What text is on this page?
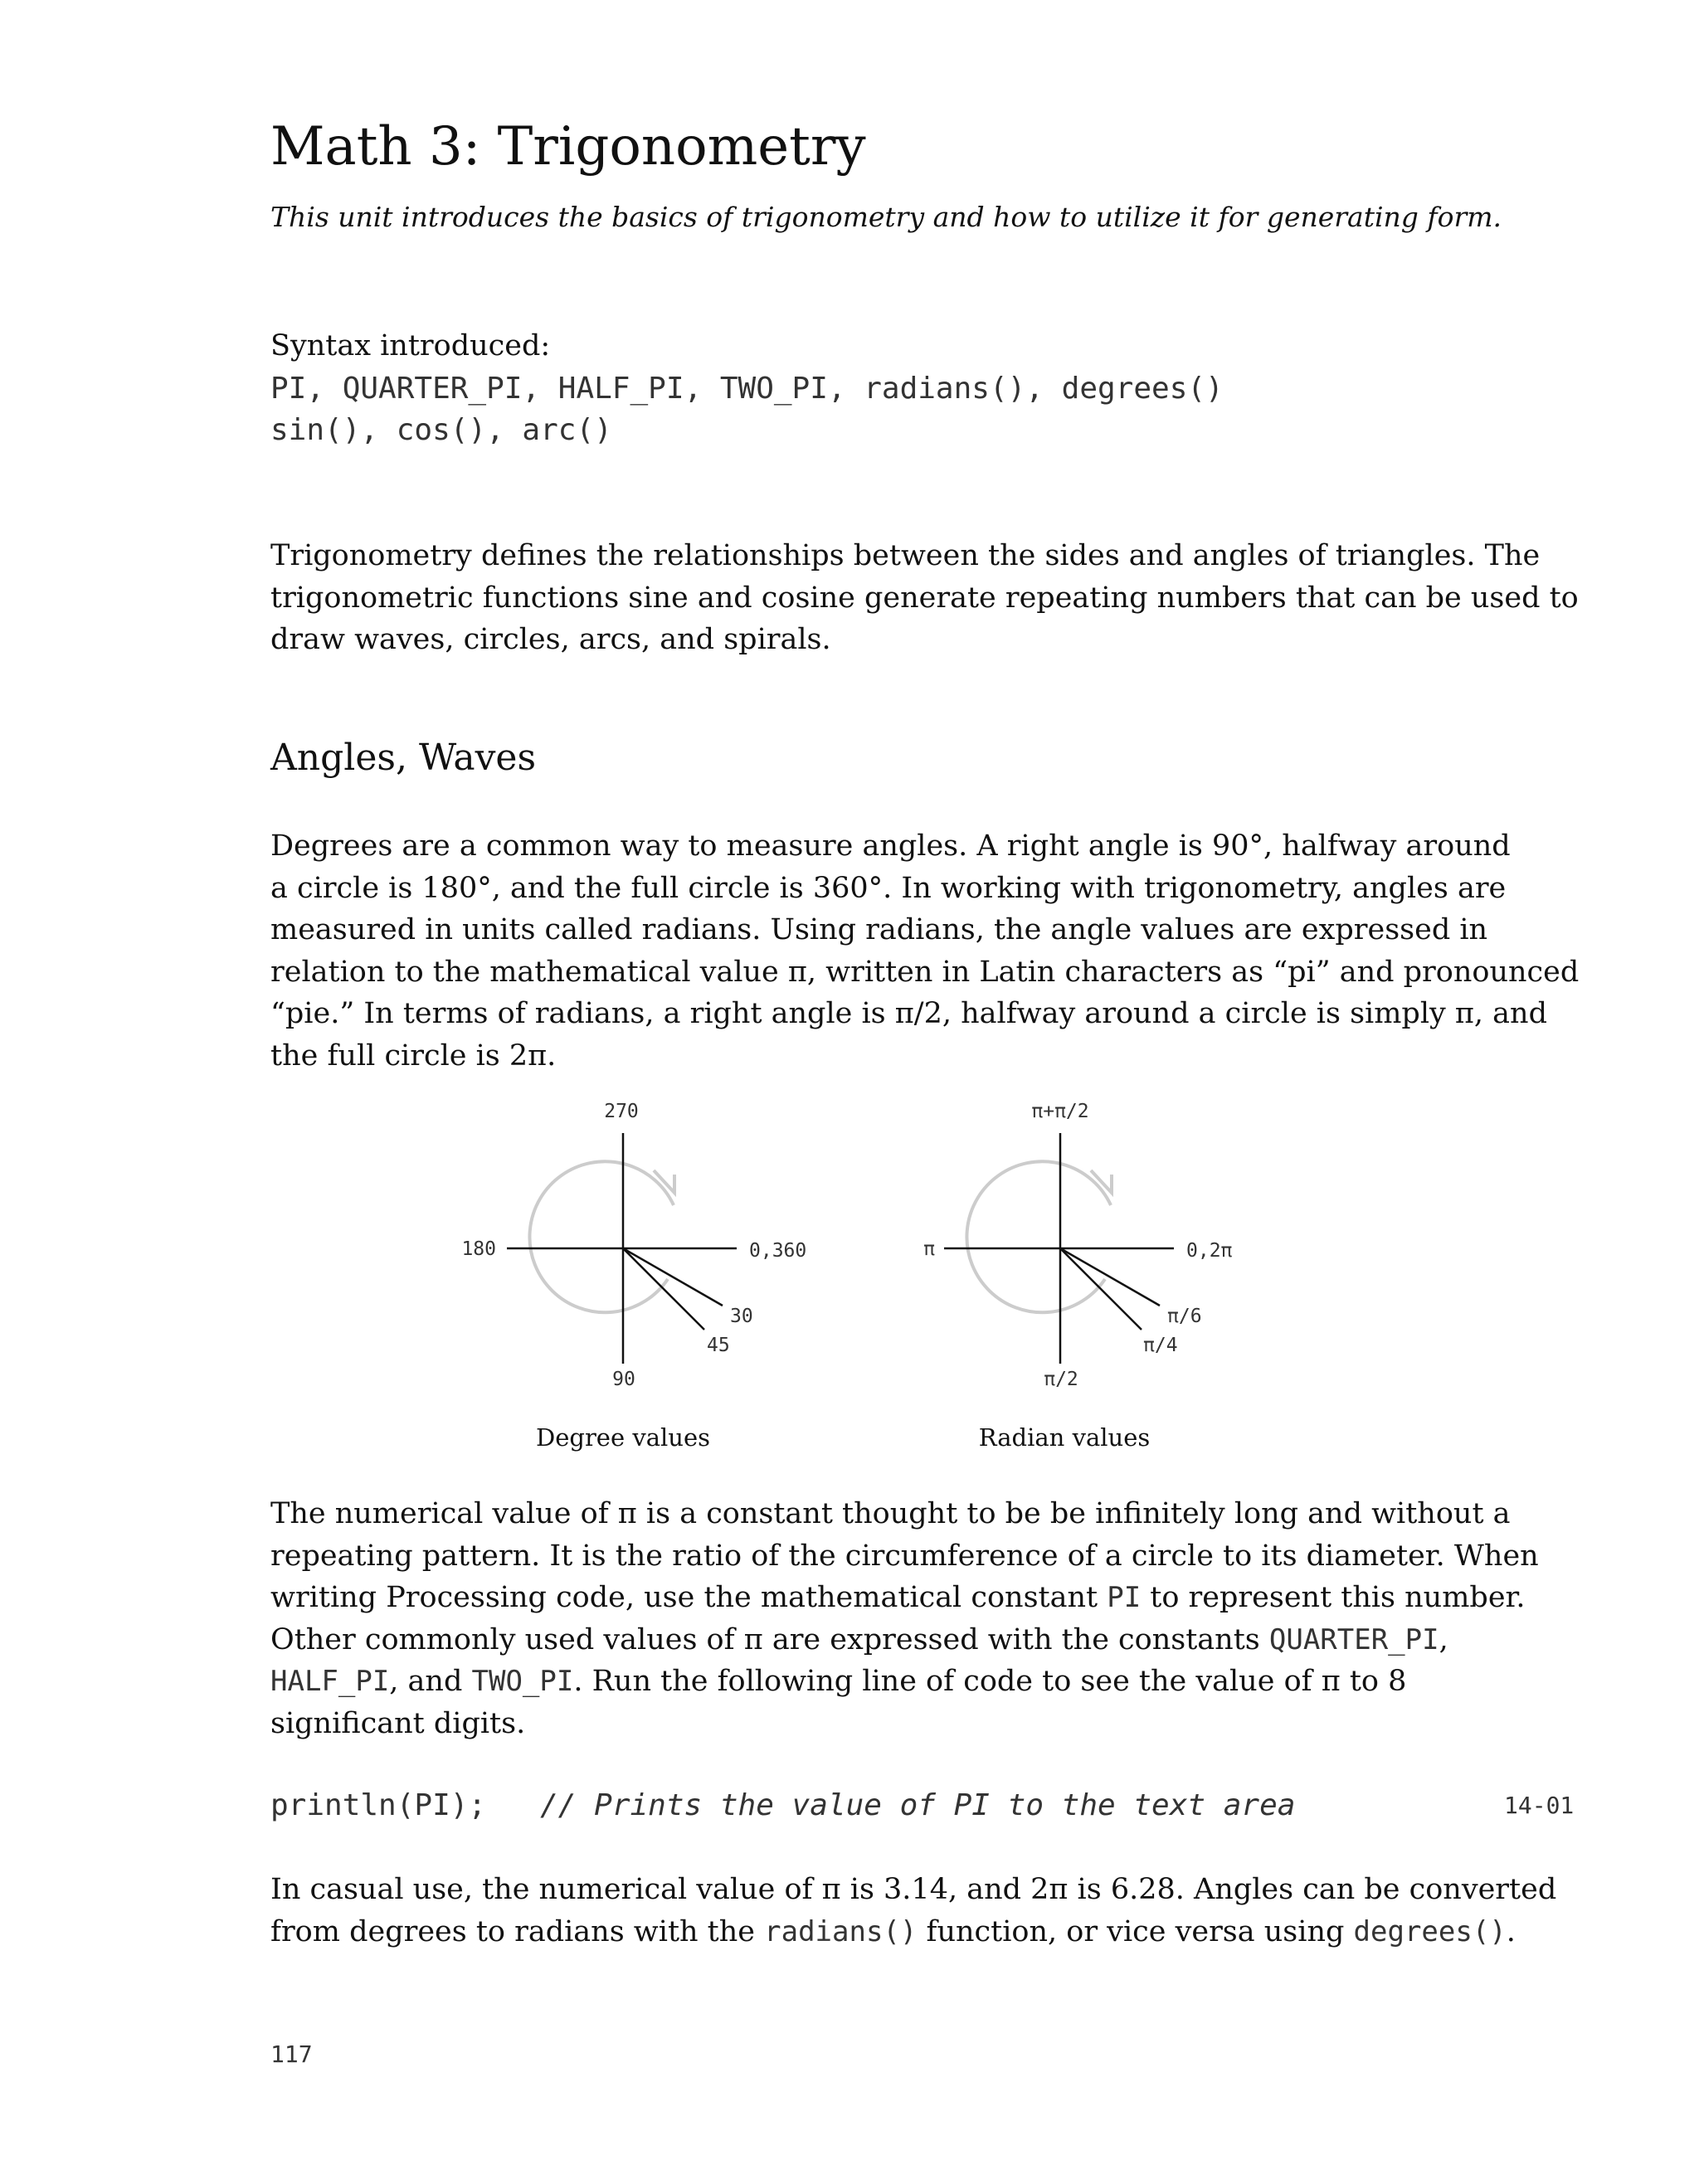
Math 3: Trigonometry

This unit introduces the basics of trigonometry and how to utilize it for generating form.

Syntax introduced:
PI, QUARTER_PI, HALF_PI, TWO_PI, radians(), degrees()
sin(), cos(), arc()

Trigonometry defines the relationships between the sides and angles of triangles. The
trigonometric functions sine and cosine generate repeating numbers that can be used to
draw waves, circles, arcs, and spirals.

Angles, Waves

Degrees are a common way to measure angles. A right angle is 90°, halfway around
a circle is 180°, and the full circle is 360°. In working with trigonometry, angles are
measured in units called radians. Using radians, the angle values are expressed in
relation to the mathematical value π, written in Latin characters as “pi” and pronounced
“pie.” In terms of radians, a right angle is π/2, halfway around a circle is simply π, and
the full circle is 2π.

270
180	0,360
90
30
45
Degree values
π+π/2
π	0,2π
π/2
π/6
π/4
Radian values

The numerical value of π is a constant thought to be be infinitely long and without a
repeating pattern. It is the ratio of the circumference of a circle to its diameter. When
writing Processing code, use the mathematical constant PI to represent this number.
Other commonly used values of π are expressed with the constants QUARTER_PI,
HALF_PI, and TWO_PI. Run the following line of code to see the value of π to 8
significant digits.

println(PI); // Prints the value of PI to the text area	14-01

In casual use, the numerical value of π is 3.14, and 2π is 6.28. Angles can be converted
from degrees to radians with the radians() function, or vice versa using degrees().

117
